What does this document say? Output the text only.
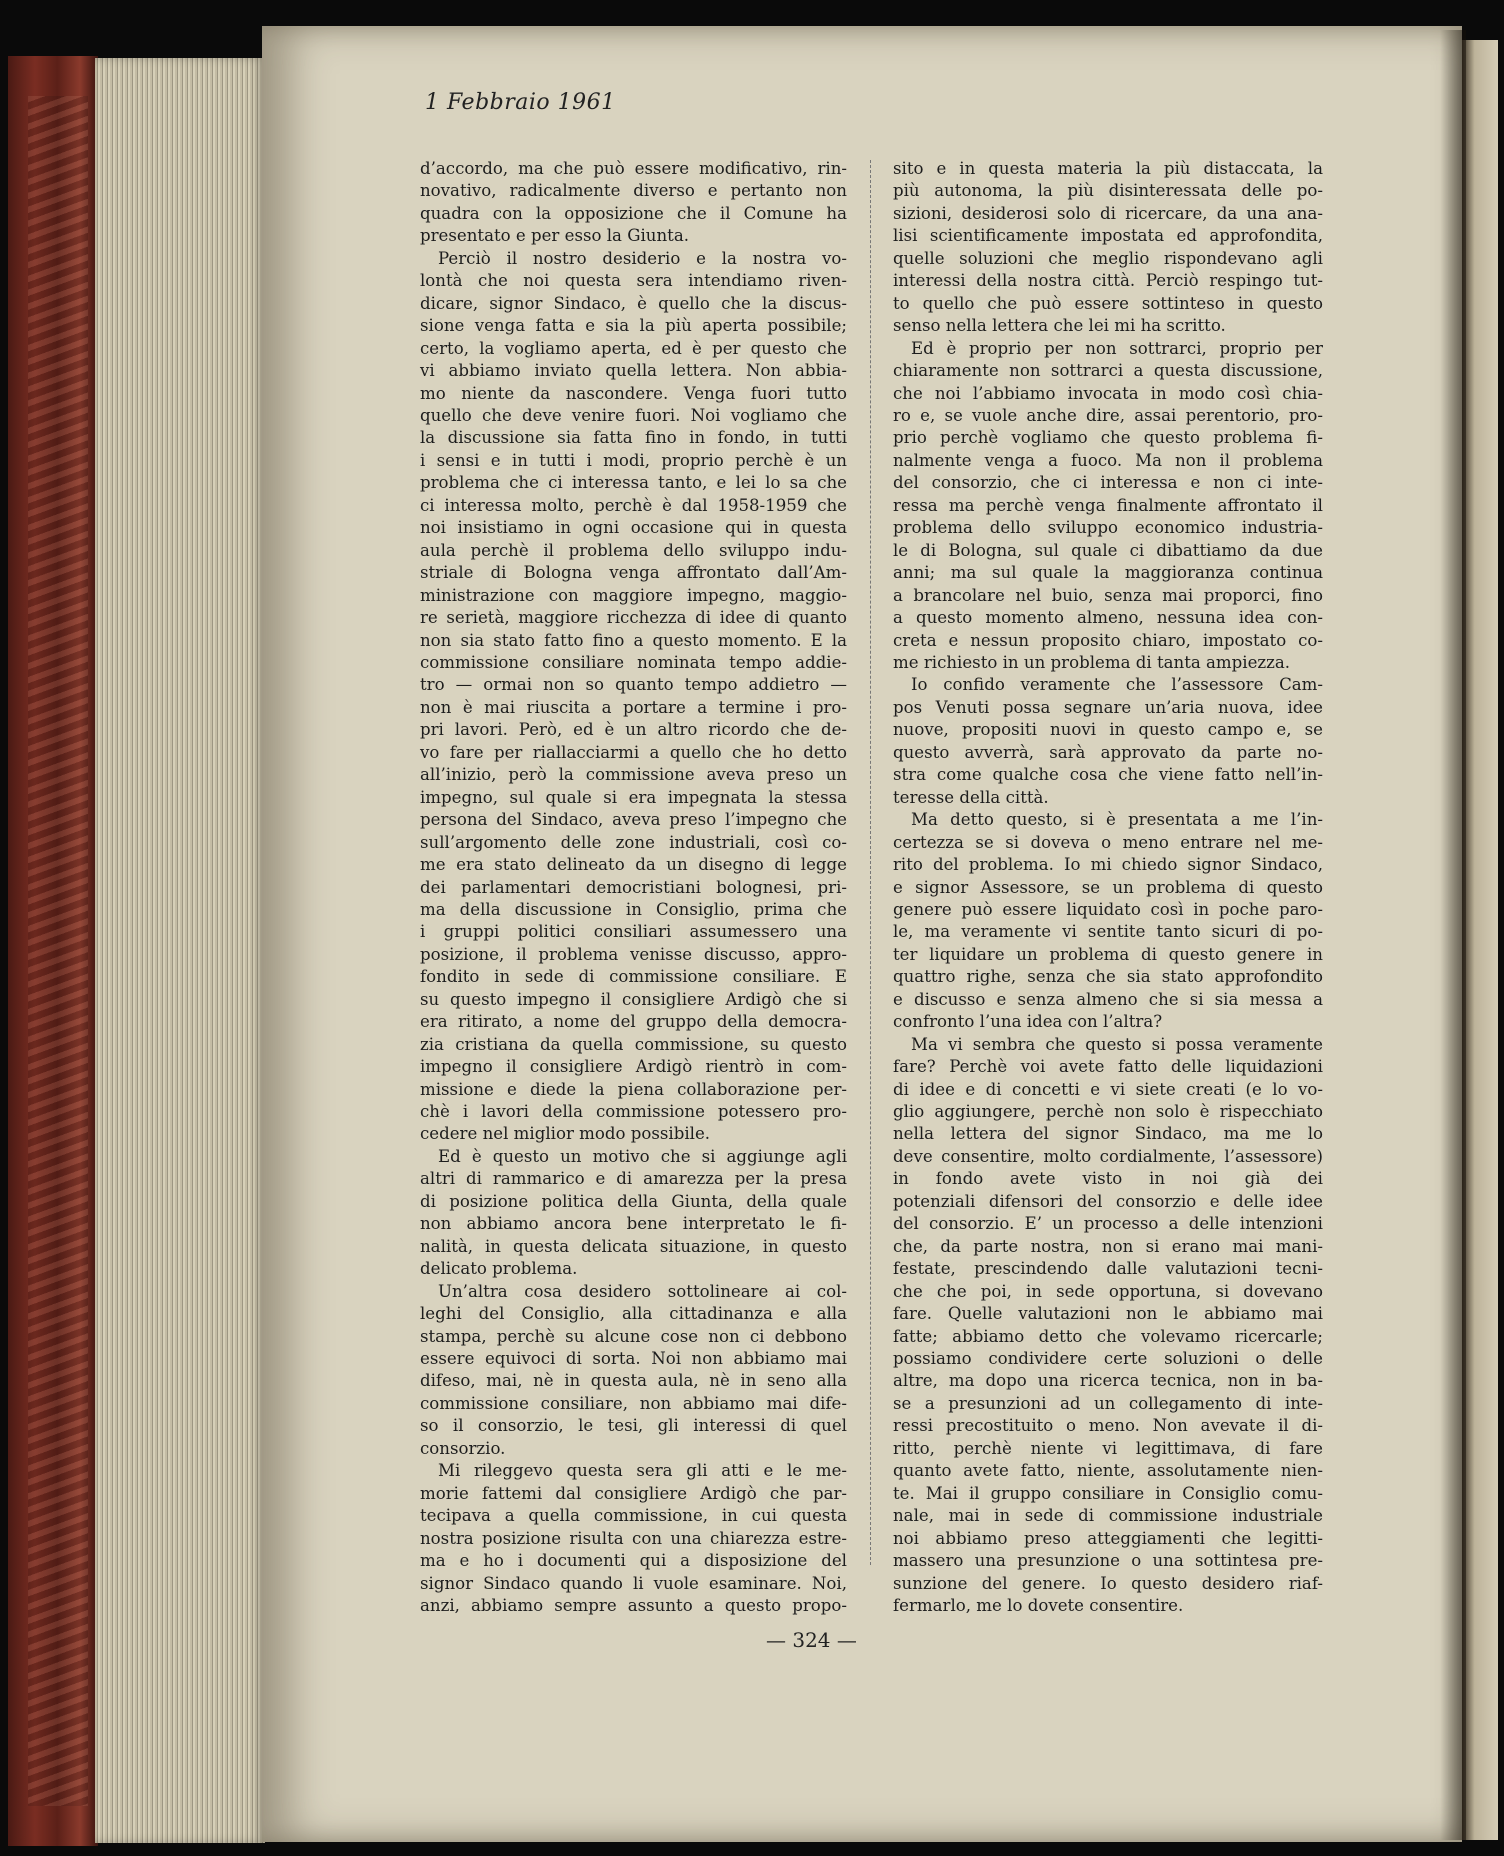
1 Febbraio 1961
d’accordo, ma che può essere modificativo, rin-
novativo, radicalmente diverso e pertanto non
quadra con la opposizione che il Comune ha
presentato e per esso la Giunta.
Perciò il nostro desiderio e la nostra vo-
lontà che noi questa sera intendiamo riven-
dicare, signor Sindaco, è quello che la discus-
sione venga fatta e sia la più aperta possibile;
certo, la vogliamo aperta, ed è per questo che
vi abbiamo inviato quella lettera. Non abbia-
mo niente da nascondere. Venga fuori tutto
quello che deve venire fuori. Noi vogliamo che
la discussione sia fatta fino in fondo, in tutti
i sensi e in tutti i modi, proprio perchè è un
problema che ci interessa tanto, e lei lo sa che
ci interessa molto, perchè è dal 1958-1959 che
noi insistiamo in ogni occasione qui in questa
aula perchè il problema dello sviluppo indu-
striale di Bologna venga affrontato dall’Am-
ministrazione con maggiore impegno, maggio-
re serietà, maggiore ricchezza di idee di quanto
non sia stato fatto fino a questo momento. E la
commissione consiliare nominata tempo addie-
tro — ormai non so quanto tempo addietro —
non è mai riuscita a portare a termine i pro-
pri lavori. Però, ed è un altro ricordo che de-
vo fare per riallacciarmi a quello che ho detto
all’inizio, però la commissione aveva preso un
impegno, sul quale si era impegnata la stessa
persona del Sindaco, aveva preso l’impegno che
sull’argomento delle zone industriali, così co-
me era stato delineato da un disegno di legge
dei parlamentari democristiani bolognesi, pri-
ma della discussione in Consiglio, prima che
i gruppi politici consiliari assumessero una
posizione, il problema venisse discusso, appro-
fondito in sede di commissione consiliare. E
su questo impegno il consigliere Ardigò che si
era ritirato, a nome del gruppo della democra-
zia cristiana da quella commissione, su questo
impegno il consigliere Ardigò rientrò in com-
missione e diede la piena collaborazione per-
chè i lavori della commissione potessero pro-
cedere nel miglior modo possibile.
Ed è questo un motivo che si aggiunge agli
altri di rammarico e di amarezza per la presa
di posizione politica della Giunta, della quale
non abbiamo ancora bene interpretato le fi-
nalità, in questa delicata situazione, in questo
delicato problema.
Un’altra cosa desidero sottolineare ai col-
leghi del Consiglio, alla cittadinanza e alla
stampa, perchè su alcune cose non ci debbono
essere equivoci di sorta. Noi non abbiamo mai
difeso, mai, nè in questa aula, nè in seno alla
commissione consiliare, non abbiamo mai dife-
so il consorzio, le tesi, gli interessi di quel
consorzio.
Mi rileggevo questa sera gli atti e le me-
morie fattemi dal consigliere Ardigò che par-
tecipava a quella commissione, in cui questa
nostra posizione risulta con una chiarezza estre-
ma e ho i documenti qui a disposizione del
signor Sindaco quando li vuole esaminare. Noi,
anzi, abbiamo sempre assunto a questo propo-
sito e in questa materia la più distaccata, la
più autonoma, la più disinteressata delle po-
sizioni, desiderosi solo di ricercare, da una ana-
lisi scientificamente impostata ed approfondita,
quelle soluzioni che meglio rispondevano agli
interessi della nostra città. Perciò respingo tut-
to quello che può essere sottinteso in questo
senso nella lettera che lei mi ha scritto.
Ed è proprio per non sottrarci, proprio per
chiaramente non sottrarci a questa discussione,
che noi l’abbiamo invocata in modo così chia-
ro e, se vuole anche dire, assai perentorio, pro-
prio perchè vogliamo che questo problema fi-
nalmente venga a fuoco. Ma non il problema
del consorzio, che ci interessa e non ci inte-
ressa ma perchè venga finalmente affrontato il
problema dello sviluppo economico industria-
le di Bologna, sul quale ci dibattiamo da due
anni; ma sul quale la maggioranza continua
a brancolare nel buio, senza mai proporci, fino
a questo momento almeno, nessuna idea con-
creta e nessun proposito chiaro, impostato co-
me richiesto in un problema di tanta ampiezza.
Io confido veramente che l’assessore Cam-
pos Venuti possa segnare un’aria nuova, idee
nuove, propositi nuovi in questo campo e, se
questo avverrà, sarà approvato da parte no-
stra come qualche cosa che viene fatto nell’in-
teresse della città.
Ma detto questo, si è presentata a me l’in-
certezza se si doveva o meno entrare nel me-
rito del problema. Io mi chiedo signor Sindaco,
e signor Assessore, se un problema di questo
genere può essere liquidato così in poche paro-
le, ma veramente vi sentite tanto sicuri di po-
ter liquidare un problema di questo genere in
quattro righe, senza che sia stato approfondito
e discusso e senza almeno che si sia messa a
confronto l’una idea con l’altra?
Ma vi sembra che questo si possa veramente
fare? Perchè voi avete fatto delle liquidazioni
di idee e di concetti e vi siete creati (e lo vo-
glio aggiungere, perchè non solo è rispecchiato
nella lettera del signor Sindaco, ma me lo
deve consentire, molto cordialmente, l’assessore)
in fondo avete visto in noi già dei
potenziali difensori del consorzio e delle idee
del consorzio. E’ un processo a delle intenzioni
che, da parte nostra, non si erano mai mani-
festate, prescindendo dalle valutazioni tecni-
che che poi, in sede opportuna, si dovevano
fare. Quelle valutazioni non le abbiamo mai
fatte; abbiamo detto che volevamo ricercarle;
possiamo condividere certe soluzioni o delle
altre, ma dopo una ricerca tecnica, non in ba-
se a presunzioni ad un collegamento di inte-
ressi precostituito o meno. Non avevate il di-
ritto, perchè niente vi legittimava, di fare
quanto avete fatto, niente, assolutamente nien-
te. Mai il gruppo consiliare in Consiglio comu-
nale, mai in sede di commissione industriale
noi abbiamo preso atteggiamenti che legitti-
massero una presunzione o una sottintesa pre-
sunzione del genere. Io questo desidero riaf-
fermarlo, me lo dovete consentire.
— 324 —
